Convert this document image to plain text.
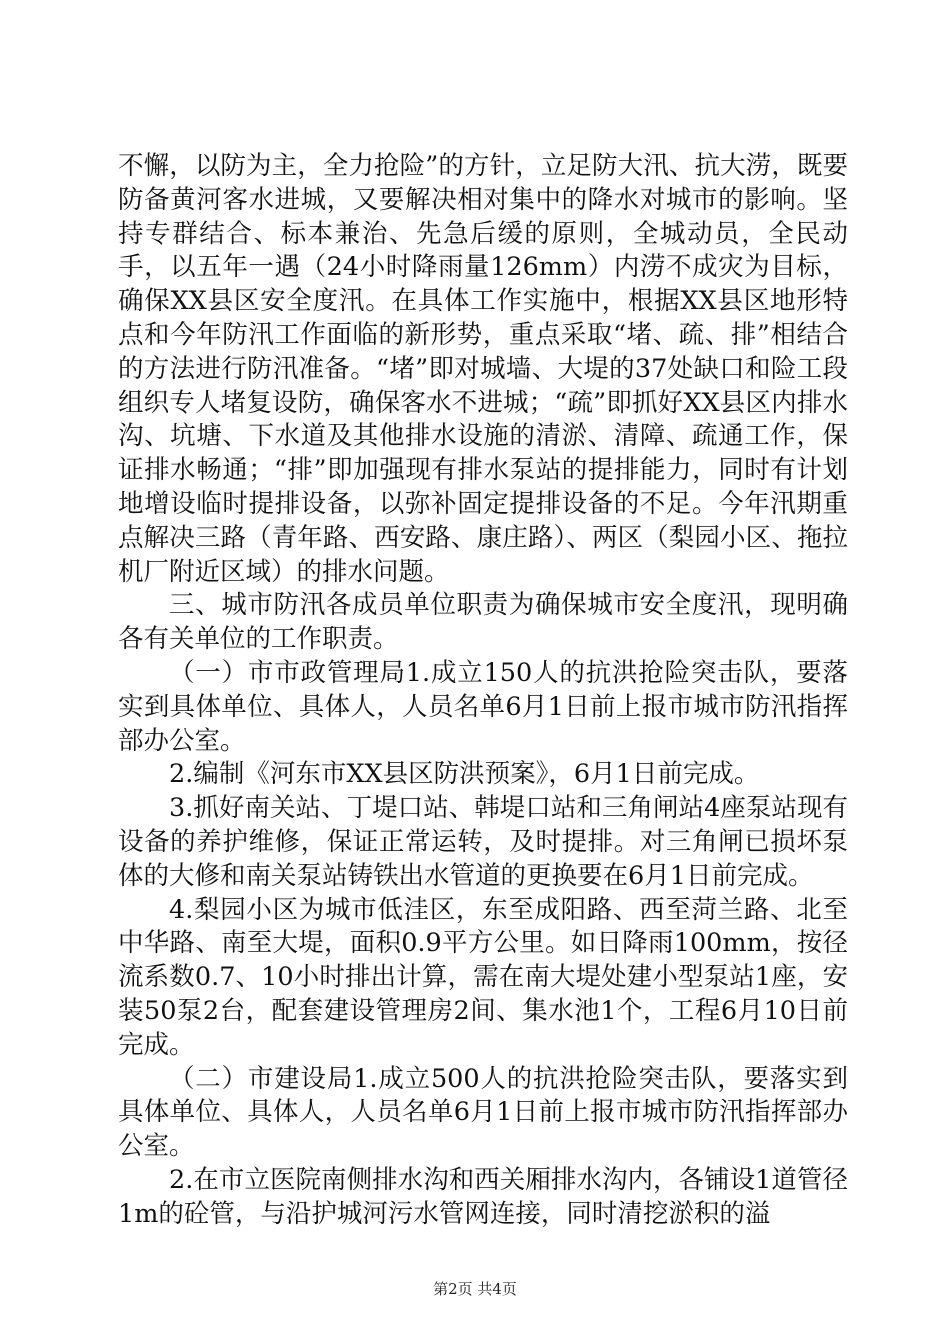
不懈，以防为主，全力抢险”的方针，立足防大汛、抗大涝，既要防备黄河客水进城，又要解决相对集中的降水对城市的影响。坚持专群结合、标本兼治、先急后缓的原则，全城动员，全民动手，以五年一遇（24小时降雨量126mm）内涝不成灾为目标，确保XX县区安全度汛。在具体工作实施中，根据XX县区地形特点和今年防汛工作面临的新形势，重点采取“堵、疏、排”相结合的方法进行防汛准备。“堵”即对城墙、大堤的37处缺口和险工段组织专人堵复设防，确保客水不进城；“疏”即抓好XX县区内排水沟、坑塘、下水道及其他排水设施的清淤、清障、疏通工作，保证排水畅通；“排”即加强现有排水泵站的提排能力，同时有计划地增设临时提排设备，以弥补固定提排设备的不足。今年汛期重点解决三路（青年路、西安路、康庄路）、两区（梨园小区、拖拉机厂附近区域）的排水问题。

三、城市防汛各成员单位职责为确保城市安全度汛，现明确各有关单位的工作职责。

（一）市市政管理局1.成立150人的抗洪抢险突击队，要落实到具体单位、具体人，人员名单6月1日前上报市城市防汛指挥部办公室。

2.编制《河东市XX县区防洪预案》，6月1日前完成。

3.抓好南关站、丁堤口站、韩堤口站和三角闸站4座泵站现有设备的养护维修，保证正常运转，及时提排。对三角闸已损坏泵体的大修和南关泵站铸铁出水管道的更换要在6月1日前完成。

4.梨园小区为城市低洼区，东至成阳路、西至菏兰路、北至中华路、南至大堤，面积0.9平方公里。如日降雨100mm，按径流系数0.7、10小时排出计算，需在南大堤处建小型泵站1座，安装50泵2台，配套建设管理房2间、集水池1个，工程6月10日前完成。

（二）市建设局1.成立500人的抗洪抢险突击队，要落实到具体单位、具体人，人员名单6月1日前上报市城市防汛指挥部办公室。

2.在市立医院南侧排水沟和西关厢排水沟内，各铺设1道管径1m的砼管，与沿护城河污水管网连接，同时清挖淤积的溢

第2页 共4页
